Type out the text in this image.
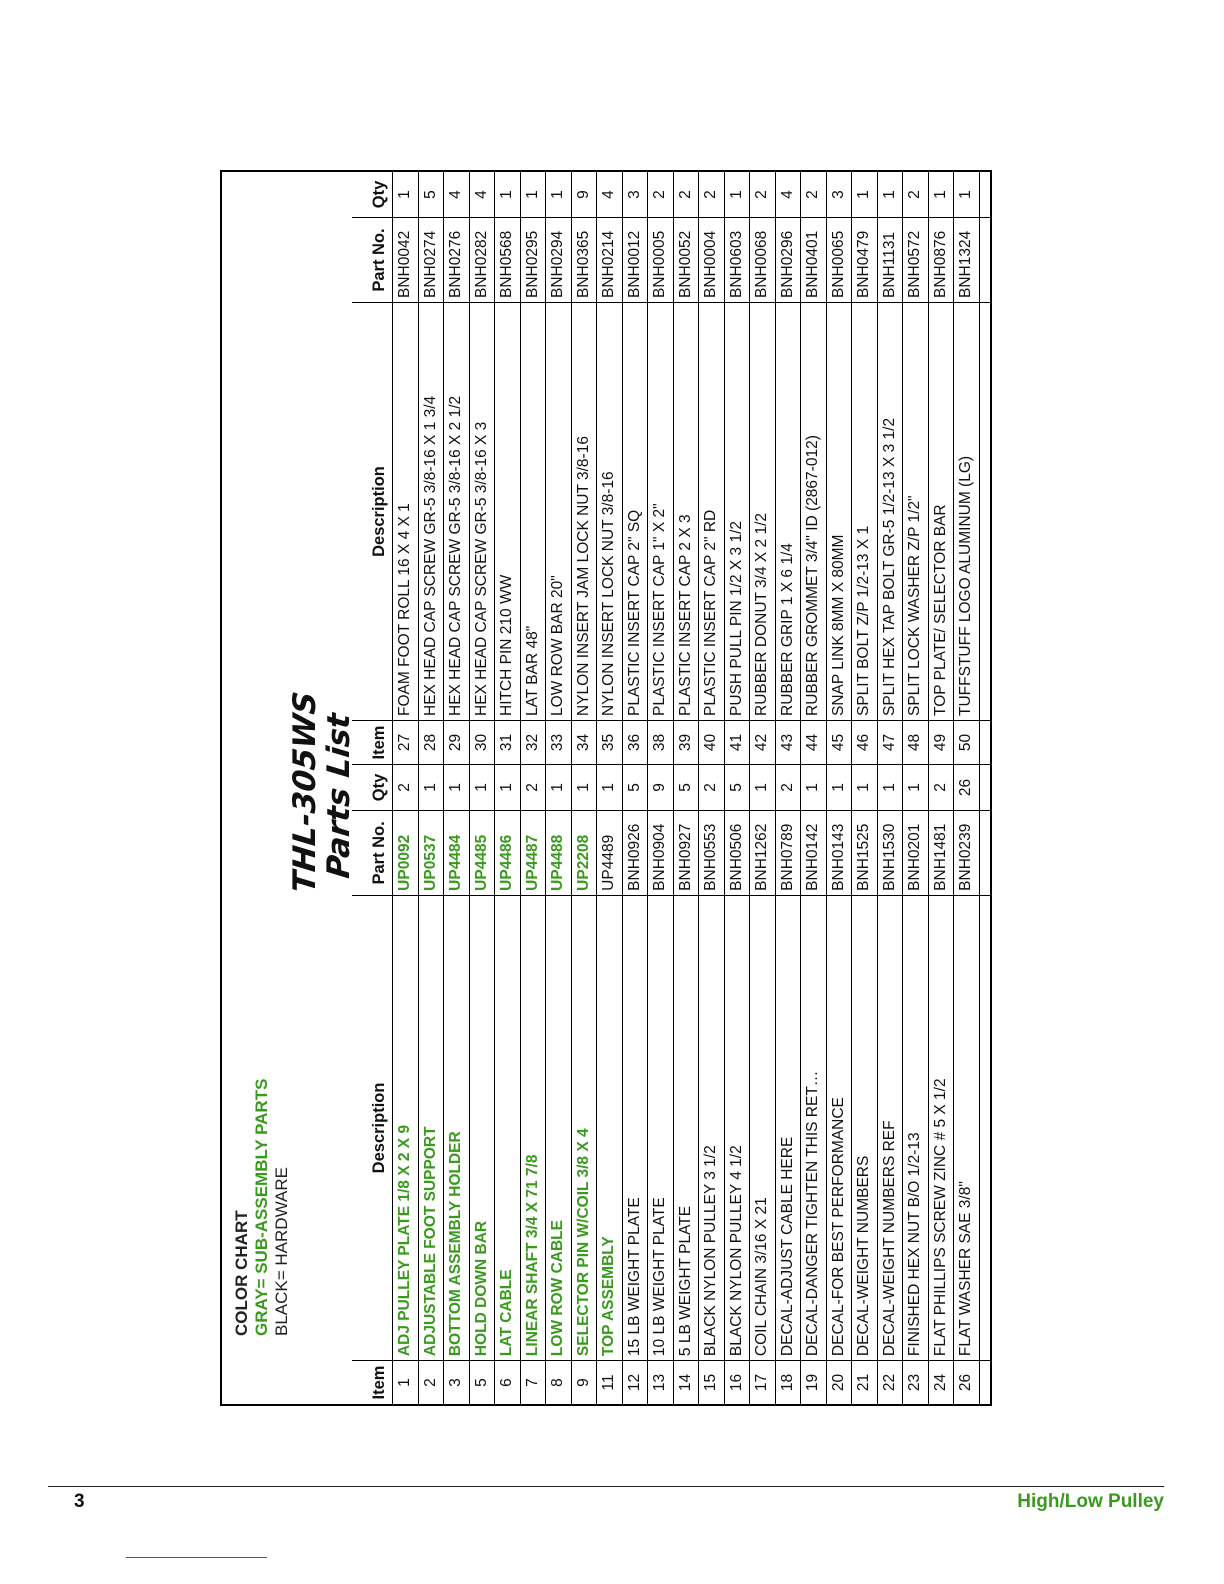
COLOR CHART GRAY= SUB-ASSEMBLY PARTS BLACK= HARDWARE
THL-305WS
Parts List
Item
Description
Part No.
Qty
1
ADJ PULLEY PLATE 1/8 X 2 X 9
UP0092
2
2
ADJUSTABLE FOOT SUPPORT
UP0537
1
3
BOTTOM ASSEMBLY HOLDER
UP4484
1
5
HOLD DOWN BAR
UP4485
1
6
LAT CABLE
UP4486
1
7
LINEAR SHAFT 3/4 X 71 7/8
UP4487
2
8
LOW ROW CABLE
UP4488
1
9
SELECTOR PIN W/COIL 3/8 X 4
UP2208
1
11
TOP ASSEMBLY
UP4489
1
12
15 LB WEIGHT PLATE
BNH0926
5
13
10 LB WEIGHT PLATE
BNH0904
9
14
5 LB WEIGHT PLATE
BNH0927
5
15
BLACK NYLON PULLEY 3 1/2
BNH0553
2
16
BLACK NYLON PULLEY 4 1/2
BNH0506
5
17
COIL CHAIN 3/16 X 21
BNH1262
1
18
DECAL-ADJUST CABLE HERE
BNH0789
2
19
DECAL-DANGER TIGHTEN THIS RET…
BNH0142
1
20
DECAL-FOR BEST PERFORMANCE
BNH0143
1
21
DECAL-WEIGHT NUMBERS
BNH1525
1
22
DECAL-WEIGHT NUMBERS REF
BNH1530
1
23
FINISHED HEX NUT B/O 1/2-13
BNH0201
1
24
FLAT PHILLIPS SCREW ZINC # 5 X 1/2
BNH1481
2
26
FLAT WASHER SAE 3/8"
BNH0239
26
Item
Description
Part No.
Qty
27
FOAM FOOT ROLL 16 X 4 X 1
BNH0042
1
28
HEX HEAD CAP SCREW GR-5 3/8-16 X 1 3/4
BNH0274
5
29
HEX HEAD CAP SCREW GR-5 3/8-16 X 2 1/2
BNH0276
4
30
HEX HEAD CAP SCREW GR-5 3/8-16 X 3
BNH0282
4
31
HITCH PIN 210 WW
BNH0568
1
32
LAT BAR 48"
BNH0295
1
33
LOW ROW BAR 20"
BNH0294
1
34
NYLON INSERT JAM LOCK NUT 3/8-16
BNH0365
9
35
NYLON INSERT LOCK NUT 3/8-16
BNH0214
4
36
PLASTIC INSERT CAP 2" SQ
BNH0012
3
38
PLASTIC INSERT CAP 1" X 2"
BNH0005
2
39
PLASTIC INSERT CAP 2 X 3
BNH0052
2
40
PLASTIC INSERT CAP 2" RD
BNH0004
2
41
PUSH PULL PIN 1/2 X 3 1/2
BNH0603
1
42
RUBBER DONUT 3/4 X 2 1/2
BNH0068
2
43
RUBBER GRIP 1 X 6 1/4
BNH0296
4
44
RUBBER GROMMET 3/4" ID (2867-012)
BNH0401
2
45
SNAP LINK 8MM X 80MM
BNH0065
3
46
SPLIT BOLT Z/P 1/2-13 X 1
BNH0479
1
47
SPLIT HEX TAP BOLT GR-5 1/2-13 X 3 1/2
BNH1131
1
48
SPLIT LOCK WASHER Z/P 1/2"
BNH0572
2
49
TOP PLATE/ SELECTOR BAR
BNH0876
1
50
TUFFSTUFF LOGO ALUMINUM (LG)
BNH1324
1
3	High/Low Pulley
